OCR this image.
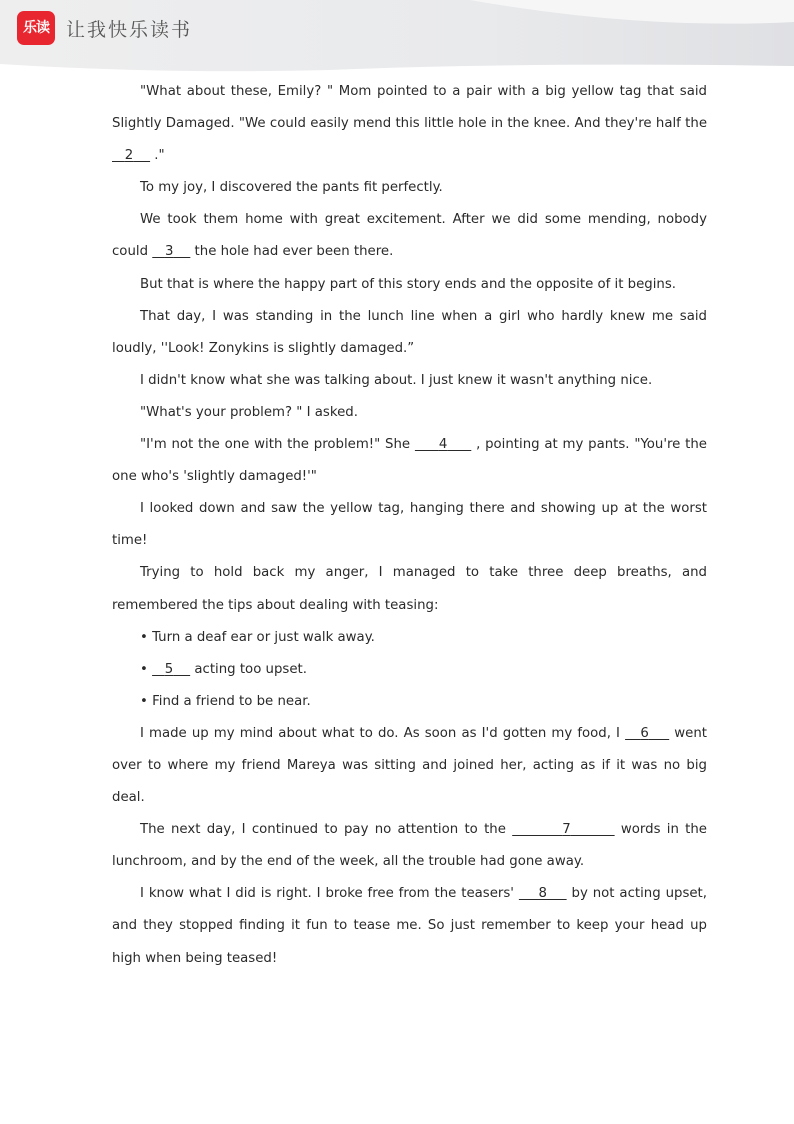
乐读 让我快乐读书

"What about these, Emily? " Mom pointed to a pair with a big yellow tag that said Slightly Damaged. "We could easily mend this little hole in the knee. And they're half the    2     ."

To my joy, I discovered the pants fit perfectly.

We took them home with great excitement. After we did some mending, nobody could    3     the hole had ever been there.

But that is where the happy part of this story ends and the opposite of it begins.

That day, I was standing in the lunch line when a girl who hardly knew me said loudly, ''Look! Zonykins is slightly damaged.”

I didn't know what she was talking about. I just knew it wasn't anything nice.

"What's your problem? " I asked.

"I'm not the one with the problem!" She      4      , pointing at my pants. "You're the one who's 'slightly damaged!'"

I looked down and saw the yellow tag, hanging there and showing up at the worst time!

Trying to hold back my anger, I managed to take three deep breaths, and remembered the tips about dealing with teasing:

• Turn a deaf ear or just walk away.

•    5     acting too upset.

• Find a friend to be near.

I made up my mind about what to do. As soon as I'd gotten my food, I    6     went over to where my friend Mareya was sitting and joined her, acting as if it was no big deal.

The next day, I continued to pay no attention to the	7	words in the lunchroom, and by the end of the week, all the trouble had gone away.

I know what I did is right. I broke free from the teasers'     8     by not acting upset, and they stopped finding it fun to tease me. So just remember to keep your head up high when being teased!
